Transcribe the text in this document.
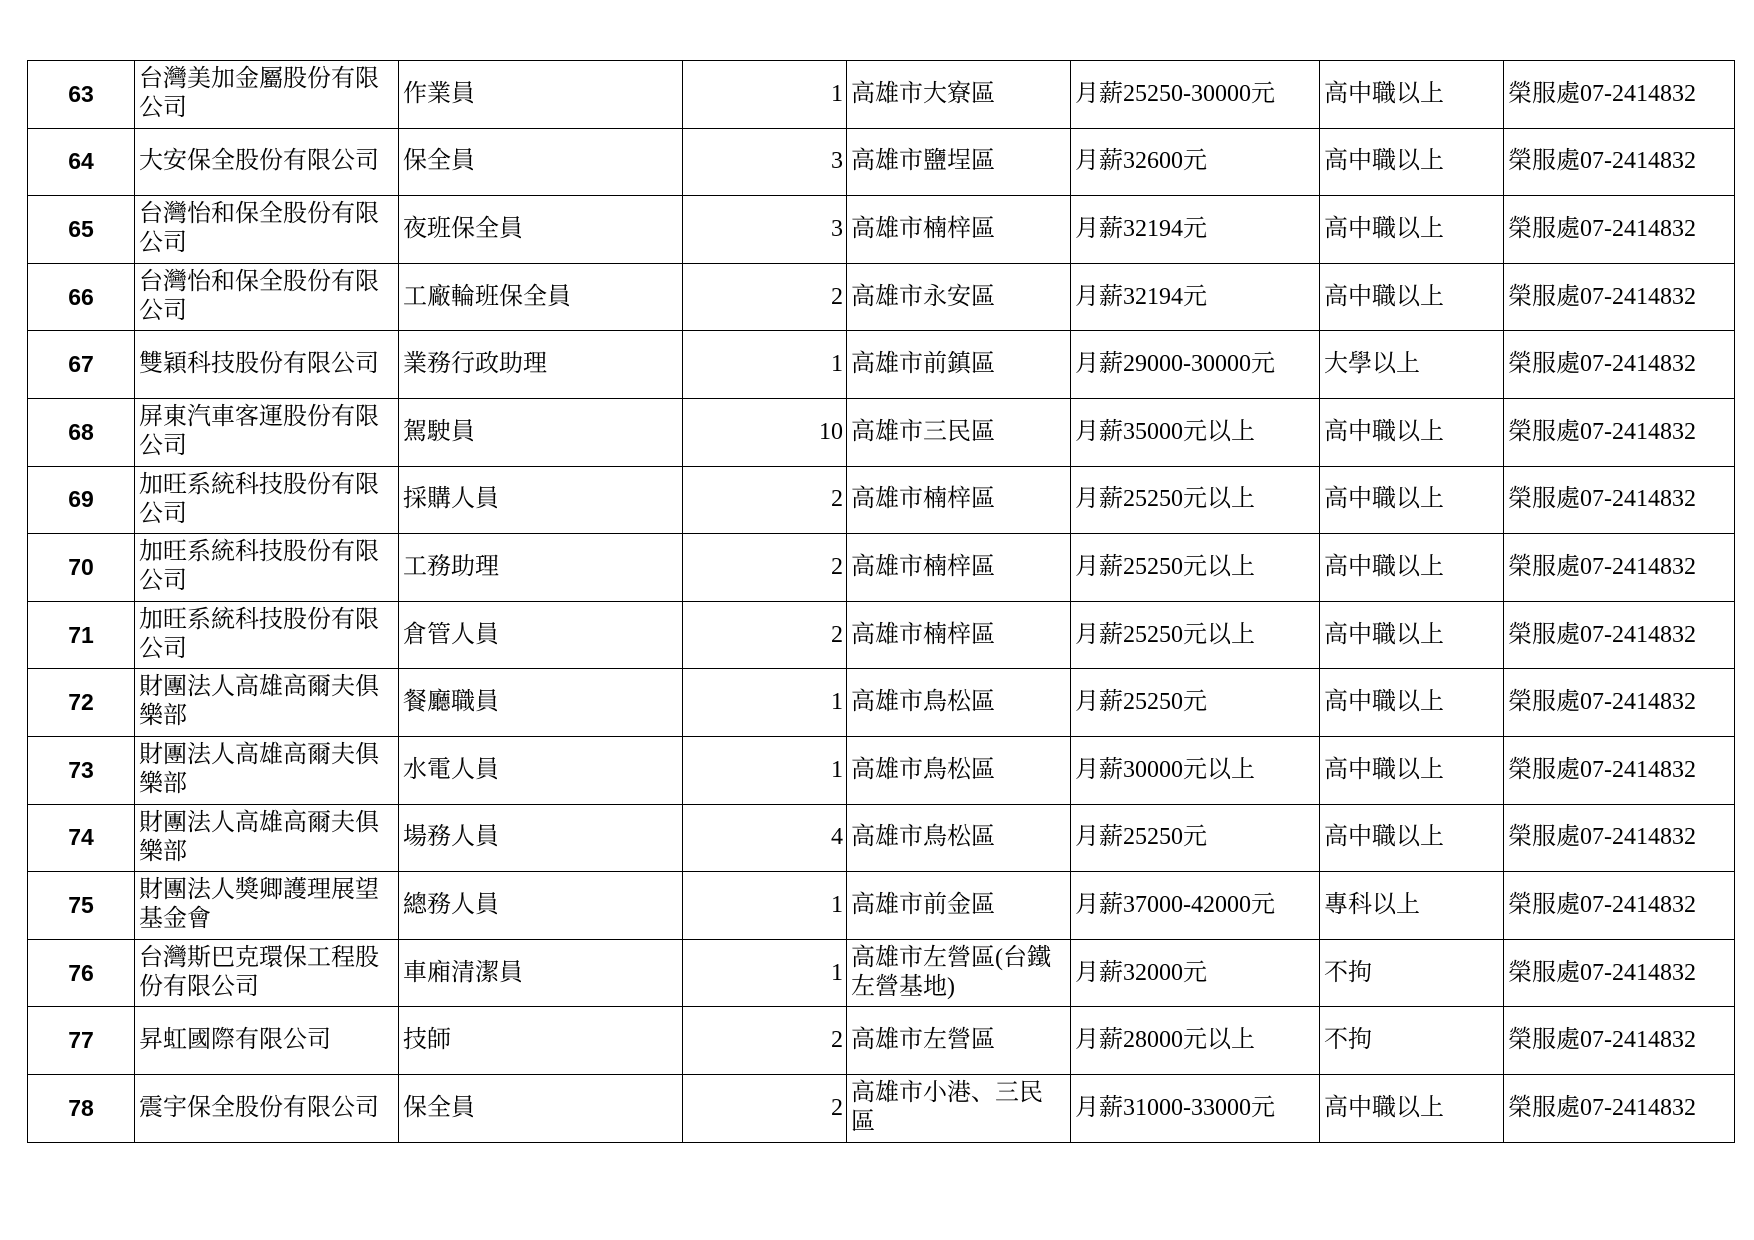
63	台灣美加金屬股份有限公司	作業員	1	高雄市大寮區	月薪25250-30000元	高中職以上	榮服處07-2414832
64	大安保全股份有限公司	保全員	3	高雄市鹽埕區	月薪32600元	高中職以上	榮服處07-2414832
65	台灣怡和保全股份有限公司	夜班保全員	3	高雄市楠梓區	月薪32194元	高中職以上	榮服處07-2414832
66	台灣怡和保全股份有限公司	工廠輪班保全員	2	高雄市永安區	月薪32194元	高中職以上	榮服處07-2414832
67	雙穎科技股份有限公司	業務行政助理	1	高雄市前鎮區	月薪29000-30000元	大學以上	榮服處07-2414832
68	屏東汽車客運股份有限公司	駕駛員	10	高雄市三民區	月薪35000元以上	高中職以上	榮服處07-2414832
69	加旺系統科技股份有限公司	採購人員	2	高雄市楠梓區	月薪25250元以上	高中職以上	榮服處07-2414832
70	加旺系統科技股份有限公司	工務助理	2	高雄市楠梓區	月薪25250元以上	高中職以上	榮服處07-2414832
71	加旺系統科技股份有限公司	倉管人員	2	高雄市楠梓區	月薪25250元以上	高中職以上	榮服處07-2414832
72	財團法人高雄高爾夫俱樂部	餐廳職員	1	高雄市鳥松區	月薪25250元	高中職以上	榮服處07-2414832
73	財團法人高雄高爾夫俱樂部	水電人員	1	高雄市鳥松區	月薪30000元以上	高中職以上	榮服處07-2414832
74	財團法人高雄高爾夫俱樂部	場務人員	4	高雄市鳥松區	月薪25250元	高中職以上	榮服處07-2414832
75	財團法人獎卿護理展望基金會	總務人員	1	高雄市前金區	月薪37000-42000元	專科以上	榮服處07-2414832
76	台灣斯巴克環保工程股份有限公司	車廂清潔員	1	高雄市左營區(台鐵左營基地)	月薪32000元	不拘	榮服處07-2414832
77	昇虹國際有限公司	技師	2	高雄市左營區	月薪28000元以上	不拘	榮服處07-2414832
78	震宇保全股份有限公司	保全員	2	高雄市小港、三民區	月薪31000-33000元	高中職以上	榮服處07-2414832
